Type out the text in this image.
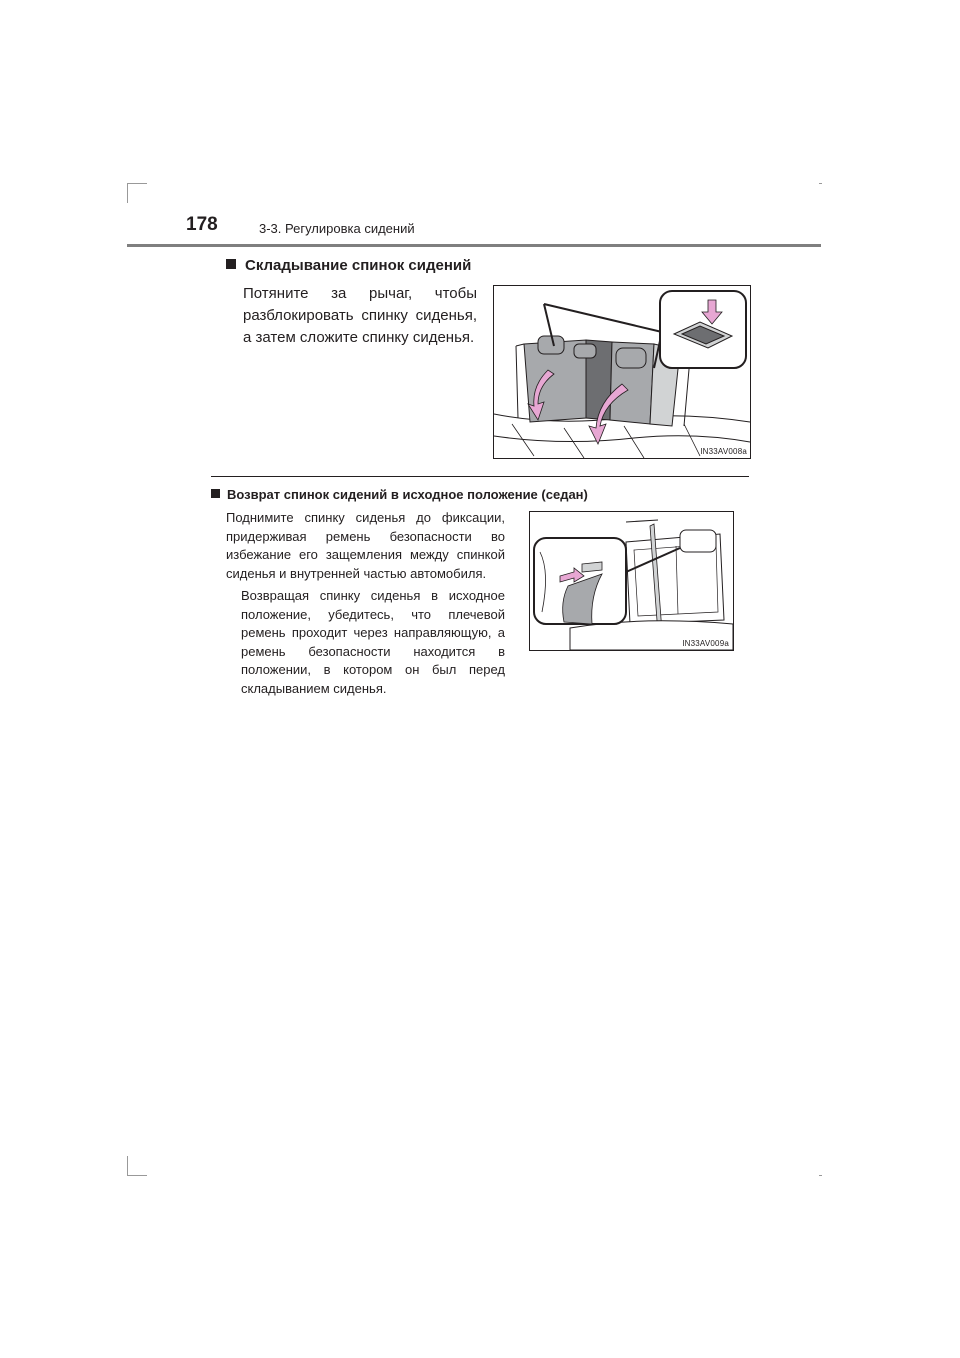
178	3-3. Регулировка сидений
Складывание спинок сидений
Потяните за рычаг, чтобы разблокировать спинку сиденья, а затем сложите спинку сиденья.
IN33AV008a
Возврат спинок сидений в исходное положение (седан)
Поднимите спинку сиденья до фиксации, придерживая ремень безопасности во избежание его защемления между спинкой сиденья и внутренней частью автомобиля.
Возвращая спинку сиденья в исходное положение, убедитесь, что плечевой ремень проходит через направляющую, а ремень безопасности находится в положении, в котором он был перед складыванием сиденья.
IN33AV009a
